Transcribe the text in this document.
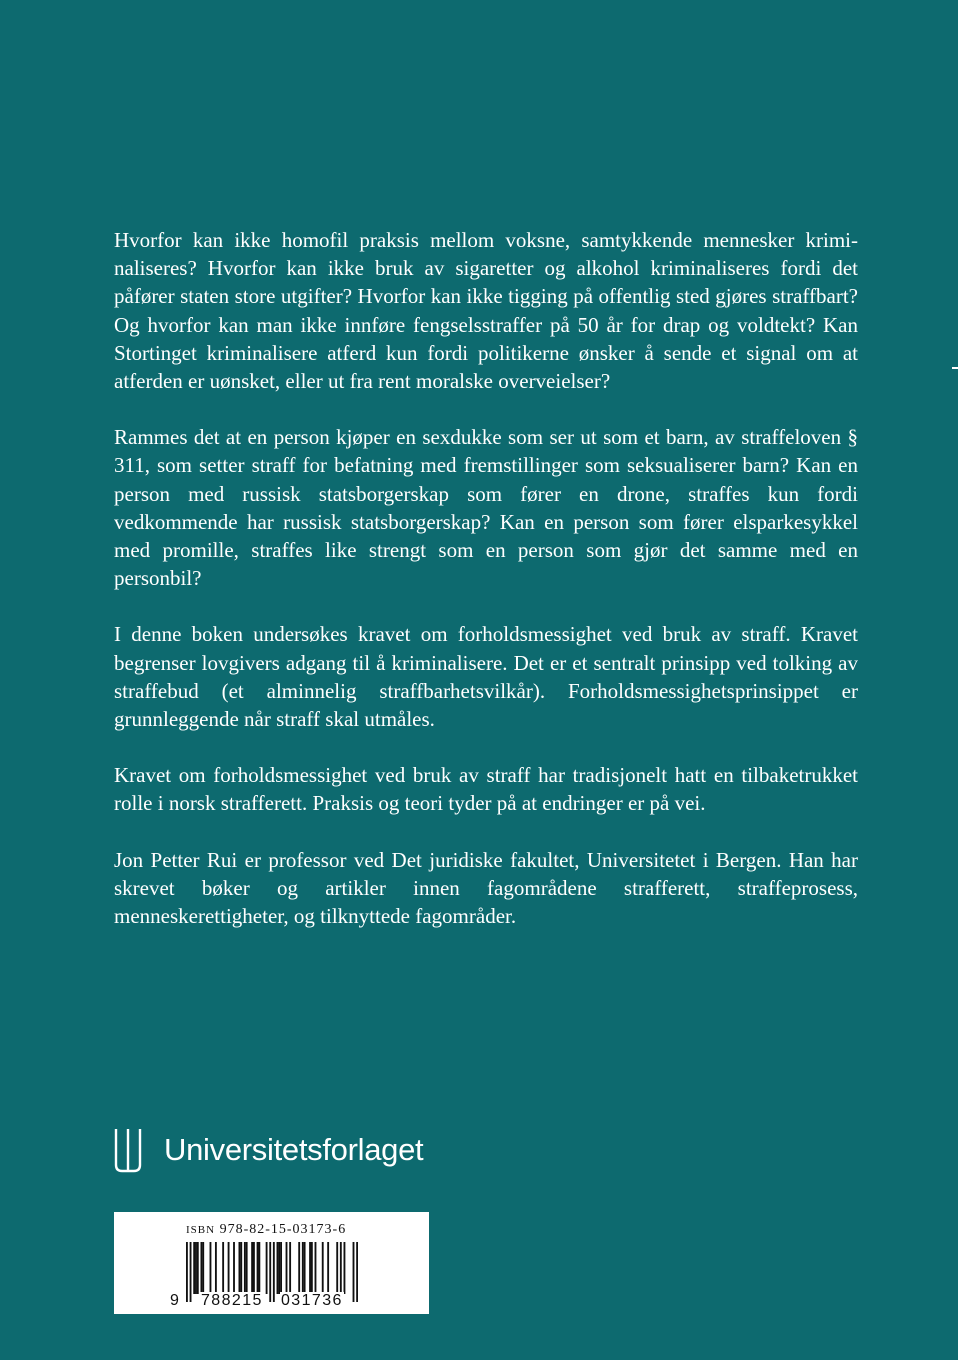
Hvorfor kan ikke homofil praksis mellom voksne, samtykkende mennesker kriminaliseres? Hvorfor kan ikke bruk av sigaretter og alkohol kriminaliseres fordi det påfører staten store utgifter? Hvorfor kan ikke tigging på offentlig sted gjøres straffbart? Og hvorfor kan man ikke innføre fengselsstraffer på 50 år for drap og voldtekt? Kan Stortinget kriminalisere atferd kun fordi politikerne ønsker å sende et signal om at atferden er uønsket, eller ut fra rent moralske overveielser?

Rammes det at en person kjøper en sexdukke som ser ut som et barn, av straffeloven § 311, som setter straff for befatning med fremstillinger som seksualiserer barn? Kan en person med russisk statsborgerskap som fører en drone, straffes kun fordi vedkommende har russisk statsborgerskap? Kan en person som fører elsparkesykkel med promille, straffes like strengt som en person som gjør det samme med en personbil?

I denne boken undersøkes kravet om forholdsmessighet ved bruk av straff. Kravet begrenser lovgivers adgang til å kriminalisere. Det er et sentralt prinsipp ved tolking av straffebud (et alminnelig straffbarhetsvilkår). Forholdsmessighetsprinsippet er grunnleggende når straff skal utmåles.

Kravet om forholdsmessighet ved bruk av straff har tradisjonelt hatt en tilbaketrukket rolle i norsk strafferett. Praksis og teori tyder på at endringer er på vei.

Jon Petter Rui er professor ved Det juridiske fakultet, Universitetet i Bergen. Han har skrevet bøker og artikler innen fagområdene strafferett, straffeprosess, menneskerettigheter, og tilknyttede fagområder.

Universitetsforlaget
ISBN 978-82-15-03173-6
9 788215 031736
